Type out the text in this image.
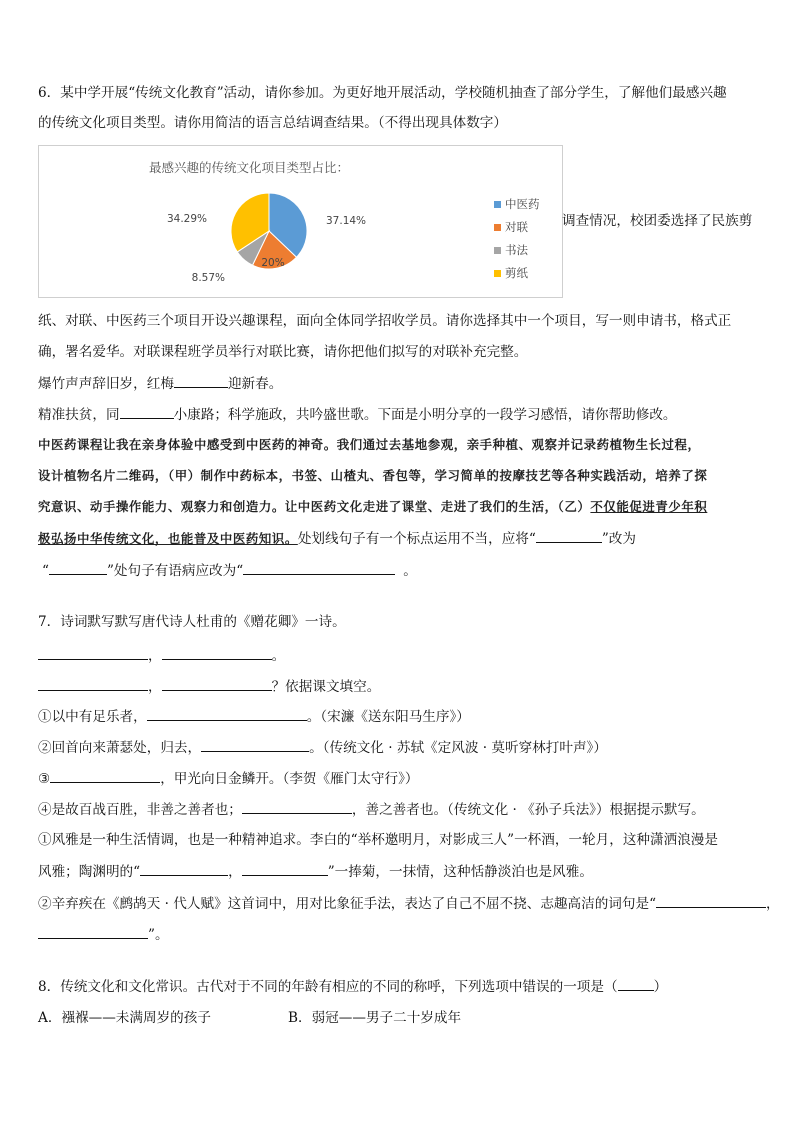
6．某中学开展“传统文化教育”活动，请你参加。为更好地开展活动，学校随机抽查了部分学生，了解他们最感兴趣
的传统文化项目类型。请你用简洁的语言总结调查结果。（不得出现具体数字）
最感兴趣的传统文化项目类型占比：
37.14%
20%
8.57%
34.29%
中医药
对联
书法
剪纸
调查情况，校团委选择了民族剪
纸、对联、中医药三个项目开设兴趣课程，面向全体同学招收学员。请你选择其中一个项目，写一则申请书，格式正
确，署名爱华。对联课程班学员举行对联比赛，请你把他们拟写的对联补充完整。
爆竹声声辞旧岁，红梅	迎新春。
精准扶贫，同	小康路；科学施政，共吟盛世歌。下面是小明分享的一段学习感悟，请你帮助修改。
中医药课程让我在亲身体验中感受到中医药的神奇。我们通过去基地参观，亲手种植、观察并记录药植物生长过程，
设计植物名片二维码，（甲）制作中药标本，书签、山楂丸、香包等，学习简单的按摩技艺等各种实践活动，培养了探
究意识、动手操作能力、观察力和创造力。让中医药文化走进了课堂、走进了我们的生活，（乙）不仅能促进青少年积
极弘扬中华传统文化，也能普及中医药知识。处划线句子有一个标点运用不当，应将“	”改为
“	”处句子有语病应改为“	。
7．诗词默写默写唐代诗人杜甫的《赠花卿》一诗。
，	。
，	？依据课文填空。
①以中有足乐者，	。（宋濂《送东阳马生序》）
②回首向来萧瑟处，归去，	。（传统文化 · 苏轼《定风波 · 莫听穿林打叶声》）
③	，甲光向日金鳞开。（李贺《雁门太守行》）
④是故百战百胜，非善之善者也；	，善之善者也。（传统文化 · 《孙子兵法》）根据提示默写。
①风雅是一种生活情调，也是一种精神追求。李白的“举杯邀明月，对影成三人”一杯酒，一轮月，这种潇洒浪漫是
风雅；陶渊明的“	，	”一捧菊，一抹情，这种恬静淡泊也是风雅。
②辛弃疾在《鹧鸪天 · 代人赋》这首词中，用对比象征手法，表达了自己不屈不挠、志趣高洁的词句是“	，
”。
8．传统文化和文化常识。古代对于不同的年龄有相应的不同的称呼，下列选项中错误的一项是（	）
A．襁褓——未满周岁的孩子	B．弱冠——男子二十岁成年
